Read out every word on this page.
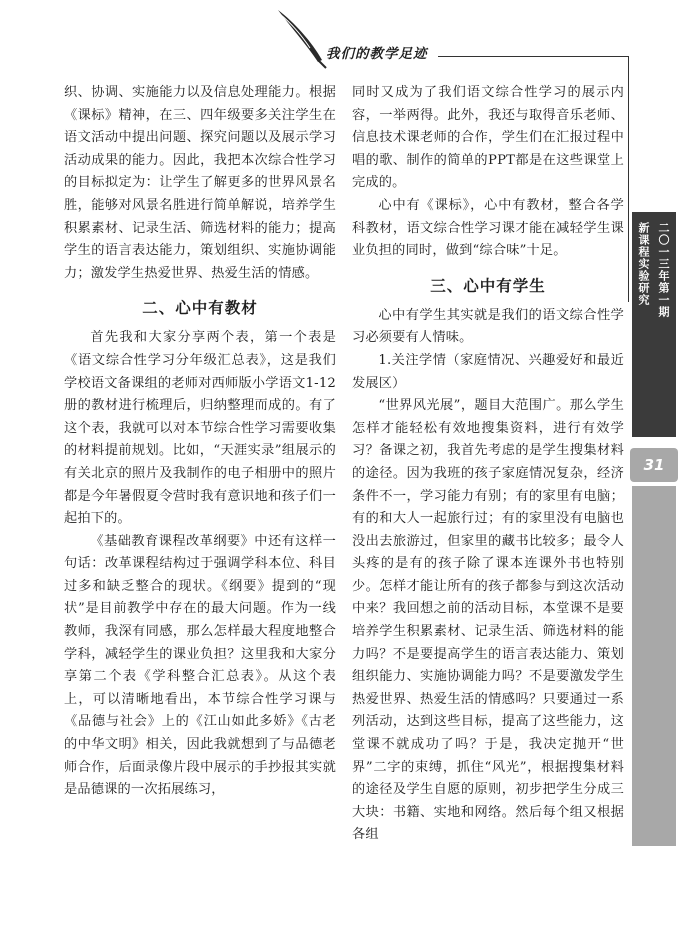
我们的教学足迹

织、协调、实施能力以及信息处理能力。根据《课标》精神，在三、四年级要多关注学生在语文活动中提出问题、探究问题以及展示学习活动成果的能力。因此，我把本次综合性学习的目标拟定为：让学生了解更多的世界风景名胜，能够对风景名胜进行简单解说，培养学生积累素材、记录生活、筛选材料的能力；提高学生的语言表达能力，策划组织、实施协调能力；激发学生热爱世界、热爱生活的情感。

二、心中有教材

首先我和大家分享两个表，第一个表是《语文综合性学习分年级汇总表》，这是我们学校语文备课组的老师对西师版小学语文1-12册的教材进行梳理后，归纳整理而成的。有了这个表，我就可以对本节综合性学习需要收集的材料提前规划。比如，“天涯实录”组展示的有关北京的照片及我制作的电子相册中的照片都是今年暑假夏令营时我有意识地和孩子们一起拍下的。

《基础教育课程改革纲要》中还有这样一句话：改革课程结构过于强调学科本位、科目过多和缺乏整合的现状。《纲要》提到的“现状”是目前教学中存在的最大问题。作为一线教师，我深有同感，那么怎样最大程度地整合学科，减轻学生的课业负担？这里我和大家分享第二个表《学科整合汇总表》。从这个表上，可以清晰地看出，本节综合性学习课与《品德与社会》上的《江山如此多娇》《古老的中华文明》相关，因此我就想到了与品德老师合作，后面录像片段中展示的手抄报其实就是品德课的一次拓展练习，

同时又成为了我们语文综合性学习的展示内容，一举两得。此外，我还与取得音乐老师、信息技术课老师的合作，学生们在汇报过程中唱的歌、制作的简单的PPT都是在这些课堂上完成的。

心中有《课标》，心中有教材，整合各学科教材，语文综合性学习课才能在减轻学生课业负担的同时，做到“综合味”十足。

三、心中有学生

心中有学生其实就是我们的语文综合性学习必须要有人情味。

1.关注学情（家庭情况、兴趣爱好和最近发展区）

“世界风光展”，题目大范围广。那么学生怎样才能轻松有效地搜集资料，进行有效学习？备课之初，我首先考虑的是学生搜集材料的途径。因为我班的孩子家庭情况复杂，经济条件不一，学习能力有别；有的家里有电脑；有的和大人一起旅行过；有的家里没有电脑也没出去旅游过，但家里的藏书比较多；最令人头疼的是有的孩子除了课本连课外书也特别少。怎样才能让所有的孩子都参与到这次活动中来？我回想之前的活动目标，本堂课不是要培养学生积累素材、记录生活、筛选材料的能力吗？不是要提高学生的语言表达能力、策划组织能力、实施协调能力吗？不是要激发学生热爱世界、热爱生活的情感吗？只要通过一系列活动，达到这些目标，提高了这些能力，这堂课不就成功了吗？于是，我决定抛开“世界”二字的束缚，抓住“风光”，根据搜集材料的途径及学生自愿的原则，初步把学生分成三大块：书籍、实地和网络。然后每个组又根据各组

新课程实验研究 二〇一三年第一期
31
